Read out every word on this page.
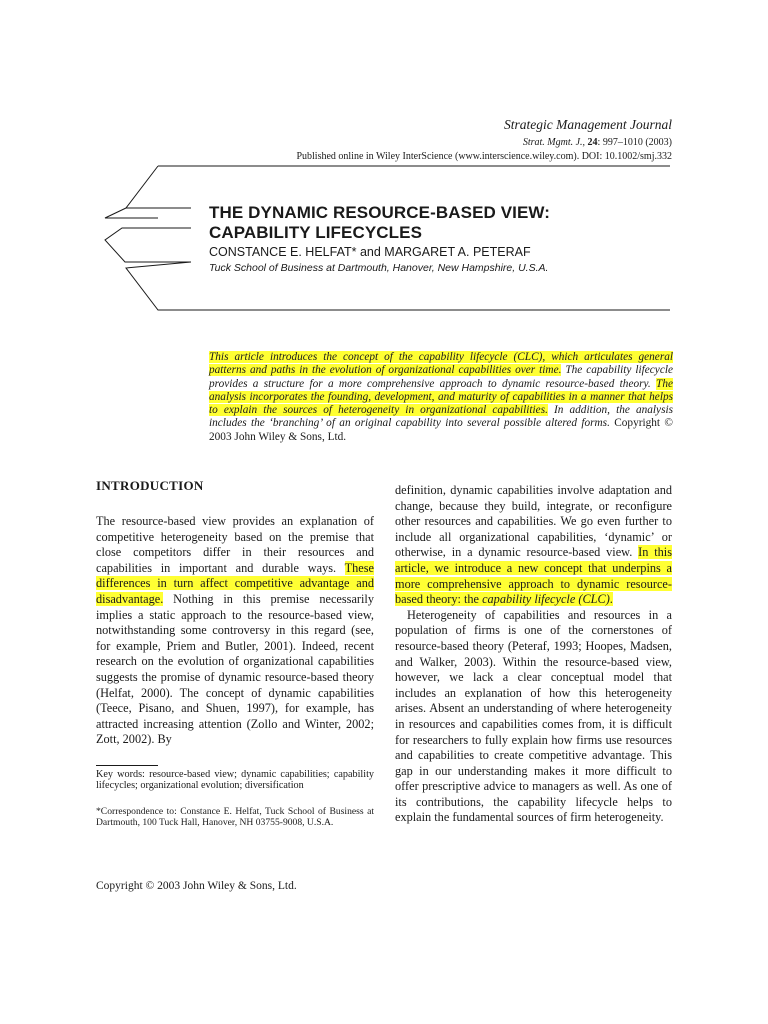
Strategic Management Journal
Strat. Mgmt. J., 24: 997–1010 (2003)
Published online in Wiley InterScience (www.interscience.wiley.com). DOI: 10.1002/smj.332
THE DYNAMIC RESOURCE-BASED VIEW:
CAPABILITY LIFECYCLES
CONSTANCE E. HELFAT* and MARGARET A. PETERAF
Tuck School of Business at Dartmouth, Hanover, New Hampshire, U.S.A.
This article introduces the concept of the capability lifecycle (CLC), which articulates general patterns and paths in the evolution of organizational capabilities over time. The capability lifecycle provides a structure for a more comprehensive approach to dynamic resource-based theory. The analysis incorporates the founding, development, and maturity of capabilities in a manner that helps to explain the sources of heterogeneity in organizational capabilities. In addition, the analysis includes the ‘branching’ of an original capability into several possible altered forms. Copyright © 2003 John Wiley & Sons, Ltd.
INTRODUCTION

The resource-based view provides an explanation of competitive heterogeneity based on the premise that close competitors differ in their resources and capabilities in important and durable ways. These differences in turn affect competitive advantage and disadvantage. Nothing in this premise necessarily implies a static approach to the resource-based view, notwithstanding some controversy in this regard (see, for example, Priem and Butler, 2001). Indeed, recent research on the evolution of organizational capabilities suggests the promise of dynamic resource-based theory (Helfat, 2000). The concept of dynamic capabilities (Teece, Pisano, and Shuen, 1997), for example, has attracted increasing attention (Zollo and Winter, 2002; Zott, 2002). By

definition, dynamic capabilities involve adaptation and change, because they build, integrate, or reconfigure other resources and capabilities. We go even further to include all organizational capabilities, ‘dynamic’ or otherwise, in a dynamic resource-based view. In this article, we introduce a new concept that underpins a more comprehensive approach to dynamic resource-based theory: the capability lifecycle (CLC).

Heterogeneity of capabilities and resources in a population of firms is one of the cornerstones of resource-based theory (Peteraf, 1993; Hoopes, Madsen, and Walker, 2003). Within the resource-based view, however, we lack a clear conceptual model that includes an explanation of how this heterogeneity arises. Absent an understanding of where heterogeneity in resources and capabilities comes from, it is difficult for researchers to fully explain how firms use resources and capabilities to create competitive advantage. This gap in our understanding makes it more difficult to offer prescriptive advice to managers as well. As one of its contributions, the capability lifecycle helps to explain the fundamental sources of firm heterogeneity.

Key words: resource-based view; dynamic capabilities; capability lifecycles; organizational evolution; diversification
*Correspondence to: Constance E. Helfat, Tuck School of Business at Dartmouth, 100 Tuck Hall, Hanover, NH 03755-9008, U.S.A.
Copyright © 2003 John Wiley & Sons, Ltd.
